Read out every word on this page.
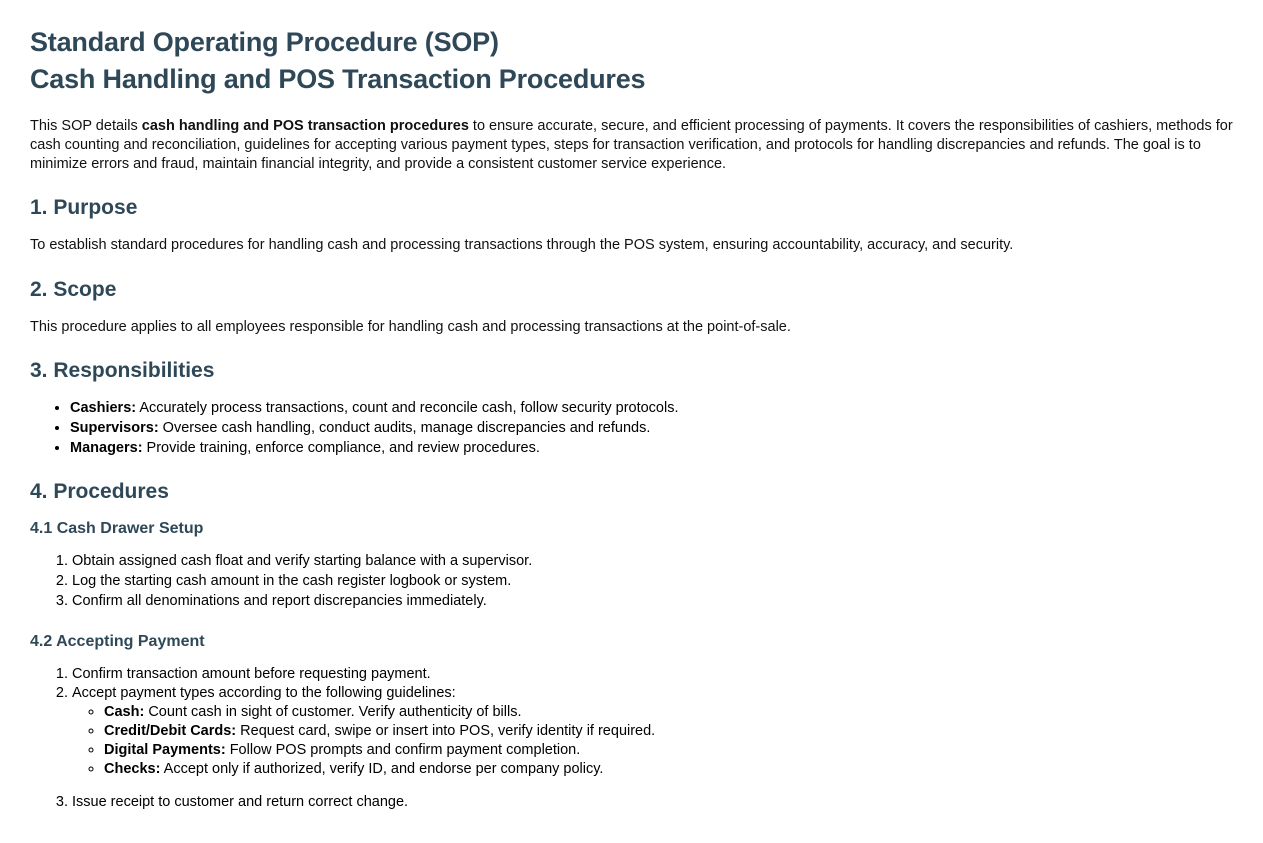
Standard Operating Procedure (SOP)
Cash Handling and POS Transaction Procedures

This SOP details cash handling and POS transaction procedures to ensure accurate, secure, and efficient processing of payments. It covers the responsibilities of cashiers, methods for cash counting and reconciliation, guidelines for accepting various payment types, steps for transaction verification, and protocols for handling discrepancies and refunds. The goal is to minimize errors and fraud, maintain financial integrity, and provide a consistent customer service experience.

1. Purpose

To establish standard procedures for handling cash and processing transactions through the POS system, ensuring accountability, accuracy, and security.

2. Scope

This procedure applies to all employees responsible for handling cash and processing transactions at the point-of-sale.

3. Responsibilities
• Cashiers: Accurately process transactions, count and reconcile cash, follow security protocols.
• Supervisors: Oversee cash handling, conduct audits, manage discrepancies and refunds.
• Managers: Provide training, enforce compliance, and review procedures.
4. Procedures
4.1 Cash Drawer Setup
1. Obtain assigned cash float and verify starting balance with a supervisor.
2. Log the starting cash amount in the cash register logbook or system.
3. Confirm all denominations and report discrepancies immediately.
4.2 Accepting Payment
1. Confirm transaction amount before requesting payment.
2. Accept payment types according to the following guidelines:
◦ Cash: Count cash in sight of customer. Verify authenticity of bills.
◦ Credit/Debit Cards: Request card, swipe or insert into POS, verify identity if required.
◦ Digital Payments: Follow POS prompts and confirm payment completion.
◦ Checks: Accept only if authorized, verify ID, and endorse per company policy.
3. Issue receipt to customer and return correct change.
